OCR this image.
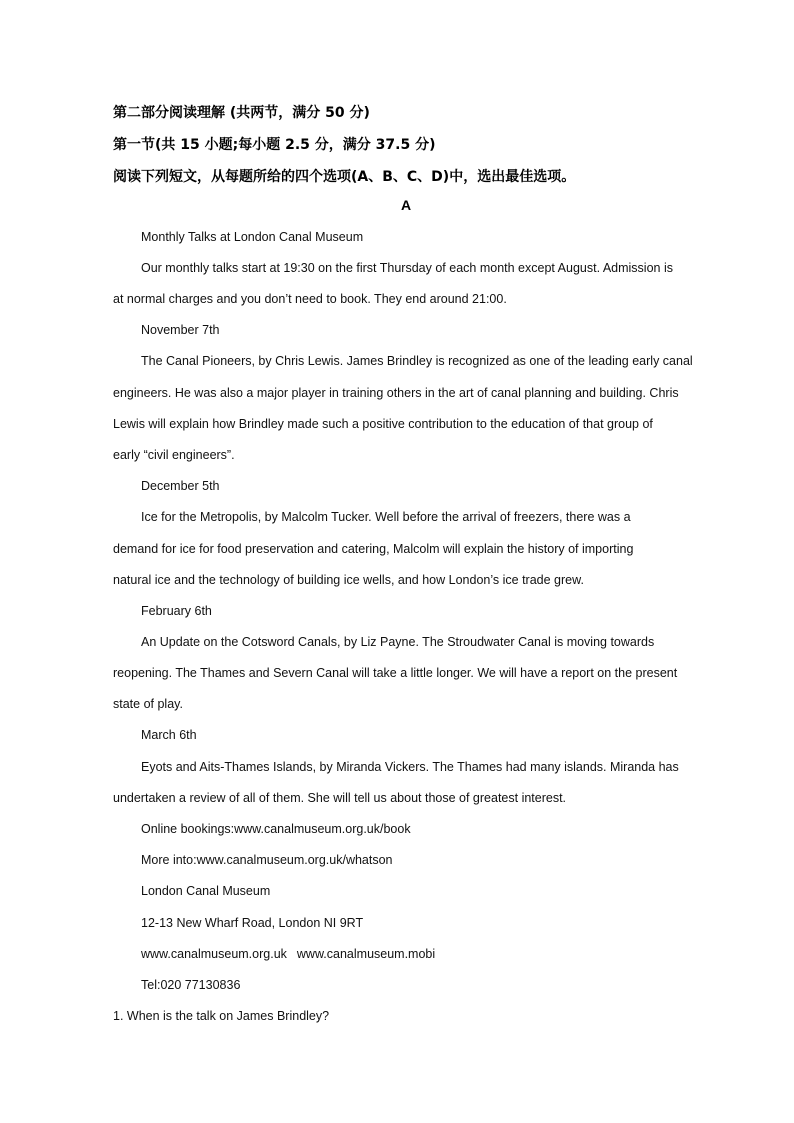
第二部分阅读理解 (共两节，满分 50 分)
第一节(共 15 小题;每小题 2.5 分，满分 37.5 分)
阅读下列短文，从每题所给的四个选项(A、B、C、D)中，选出最佳选项。
A
Monthly Talks at London Canal Museum
Our monthly talks start at 19:30 on the first Thursday of each month except August. Admission is
at normal charges and you don’t need to book. They end around 21:00.
November 7th
The Canal Pioneers, by Chris Lewis. James Brindley is recognized as one of the leading early canal
engineers. He was also a major player in training others in the art of canal planning and building. Chris
Lewis will explain how Brindley made such a positive contribution to the education of that group of
early “civil engineers”.
December 5th
Ice for the Metropolis, by Malcolm Tucker. Well before the arrival of freezers, there was a
demand for ice for food preservation and catering, Malcolm will explain the history of importing
natural ice and the technology of building ice wells, and how London’s ice trade grew.
February 6th
An Update on the Cotsword Canals, by Liz Payne. The Stroudwater Canal is moving towards
reopening. The Thames and Severn Canal will take a little longer. We will have a report on the present
state of play.
March 6th
Eyots and Aits-Thames Islands, by Miranda Vickers. The Thames had many islands. Miranda has
undertaken a review of all of them. She will tell us about those of greatest interest.
Online bookings:www.canalmuseum.org.uk/book
More into:www.canalmuseum.org.uk/whatson
London Canal Museum
12-13 New Wharf Road, London NI 9RT
www.canalmuseum.org.uk www.canalmuseum.mobi
Tel:020 77130836
1. When is the talk on James Brindley?
